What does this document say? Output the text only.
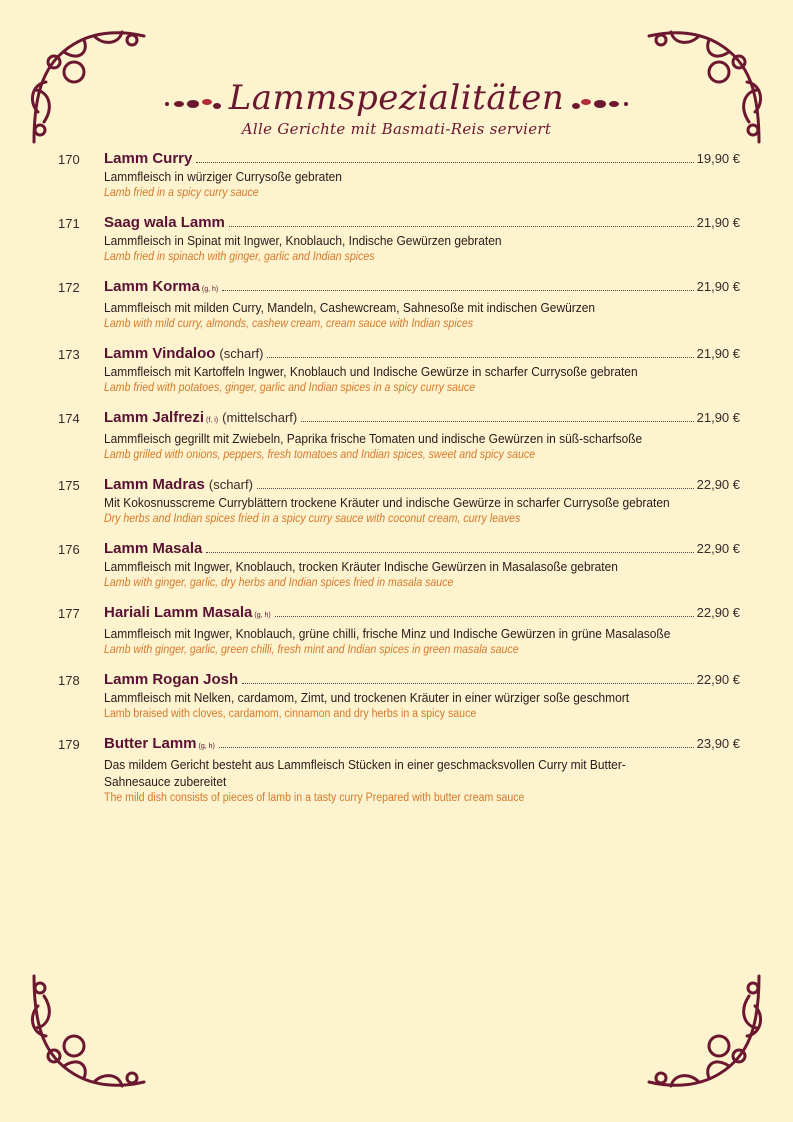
Lammspezialitäten
Alle Gerichte mit Basmati-Reis serviert
170	Lamm Curry	19,90 €
Lammfleisch in würziger Currysoße gebraten
Lamb fried in a spicy curry sauce
171	Saag wala Lamm	21,90 €
Lammfleisch in Spinat mit Ingwer, Knoblauch, Indische Gewürzen gebraten
Lamb fried in spinach with ginger, garlic and Indian spices
172	Lamm Korma (g, h)	21,90 €
Lammfleisch mit milden Curry, Mandeln, Cashewcream, Sahnesoße mit indischen Gewürzen
Lamb with mild curry, almonds, cashew cream, cream sauce with Indian spices
173	Lamm Vindaloo (scharf)	21,90 €
Lammfleisch mit Kartoffeln Ingwer, Knoblauch und Indische Gewürze in scharfer Currysoße gebraten
Lamb fried with potatoes, ginger, garlic and Indian spices in a spicy curry sauce
174	Lamm Jalfrezi (f, i) (mittelscharf)	21,90 €
Lammfleisch gegrillt mit Zwiebeln, Paprika frische Tomaten und indische Gewürzen in süß-scharfsoße
Lamb grilled with onions, peppers, fresh tomatoes and Indian spices, sweet and spicy sauce
175	Lamm Madras (scharf)	22,90 €
Mit Kokosnusscreme Curryblättern trockene Kräuter und indische Gewürze in scharfer Currysoße gebraten
Dry herbs and Indian spices fried in a spicy curry sauce with coconut cream, curry leaves
176	Lamm Masala	22,90 €
Lammfleisch mit Ingwer, Knoblauch, trocken Kräuter Indische Gewürzen in Masalasoße gebraten
Lamb with ginger, garlic, dry herbs and Indian spices fried in masala sauce
177	Hariali Lamm Masala (g, h)	22,90 €
Lammfleisch mit Ingwer, Knoblauch, grüne chilli, frische Minz und Indische Gewürzen in grüne Masalasoße
Lamb with ginger, garlic, green chilli, fresh mint and Indian spices in green masala sauce
178	Lamm Rogan Josh	22,90 €
Lammfleisch mit Nelken, cardamom, Zimt, und trockenen Kräuter in einer würziger soße geschmort
Lamb braised with cloves, cardamom, cinnamon and dry herbs in a spicy sauce
179	Butter Lamm (g, h)	23,90 €
Das mildem Gericht besteht aus Lammfleisch Stücken in einer geschmacksvollen Curry mit Butter-Sahnesauce zubereitet
The mild dish consists of pieces of lamb in a tasty curry Prepared with butter cream sauce
